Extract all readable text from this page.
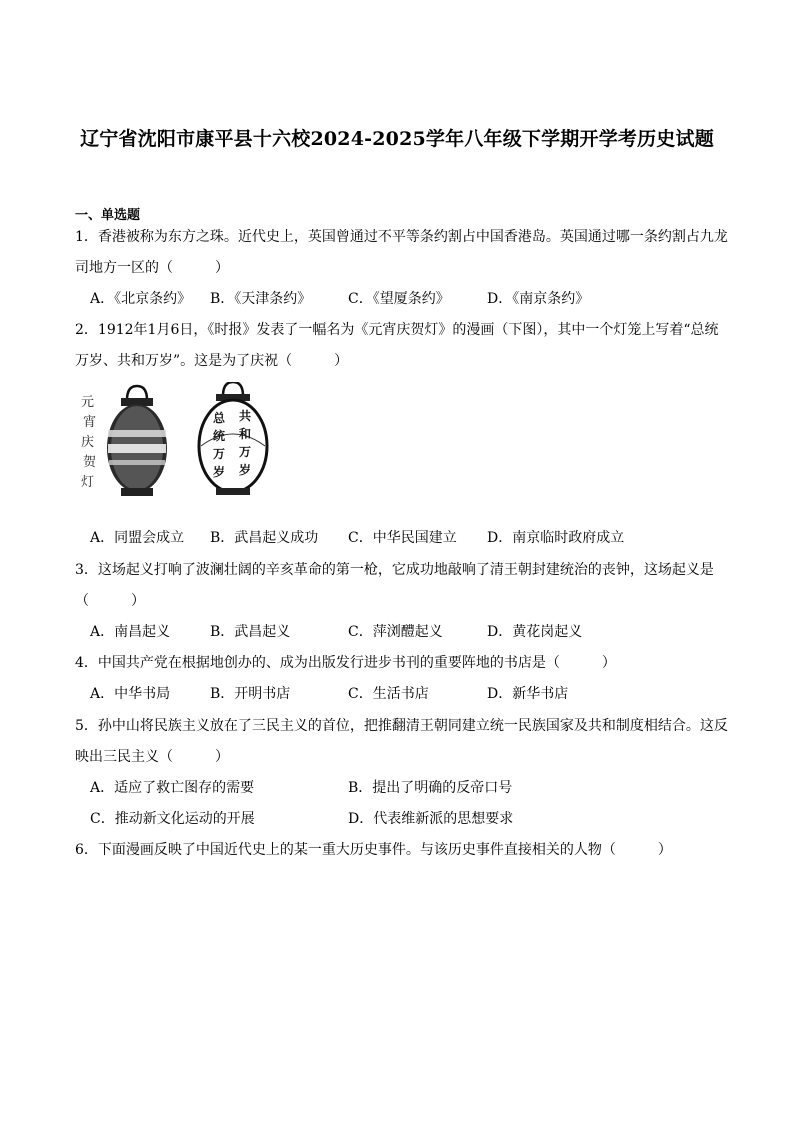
辽宁省沈阳市康平县十六校2024-2025学年八年级下学期开学考历史试题
一、单选题
1．香港被称为东方之珠。近代史上，英国曾通过不平等条约割占中国香港岛。英国通过哪一条约割占九龙
司地方一区的（　　　）
A．《北京条约》 B．《天津条约》	C．《望厦条约》	D．《南京条约》
2．1912年1月6日，《时报》发表了一幅名为《元宵庆贺灯》的漫画（下图），其中一个灯笼上写着“总统
万岁、共和万岁”。这是为了庆祝（　　　）
元
宵
庆
贺
灯
共
和
万
岁
总
统
万
岁
A．同盟会成立 B．武昌起义成功 C．中华民国建立 D．南京临时政府成立
3．这场起义打响了波澜壮阔的辛亥革命的第一枪，它成功地敲响了清王朝封建统治的丧钟，这场起义是
（　　　）
A．南昌起义	B．武昌起义	C．萍浏醴起义	D．黄花岗起义
4．中国共产党在根据地创办的、成为出版发行进步书刊的重要阵地的书店是（　　　）
A．中华书局	B．开明书店	C．生活书店	D．新华书店
5．孙中山将民族主义放在了三民主义的首位，把推翻清王朝同建立统一民族国家及共和制度相结合。这反
映出三民主义（　　　）
A．适应了救亡图存的需要	B．提出了明确的反帝口号
C．推动新文化运动的开展	D．代表维新派的思想要求
6．下面漫画反映了中国近代史上的某一重大历史事件。与该历史事件直接相关的人物（　　　）
